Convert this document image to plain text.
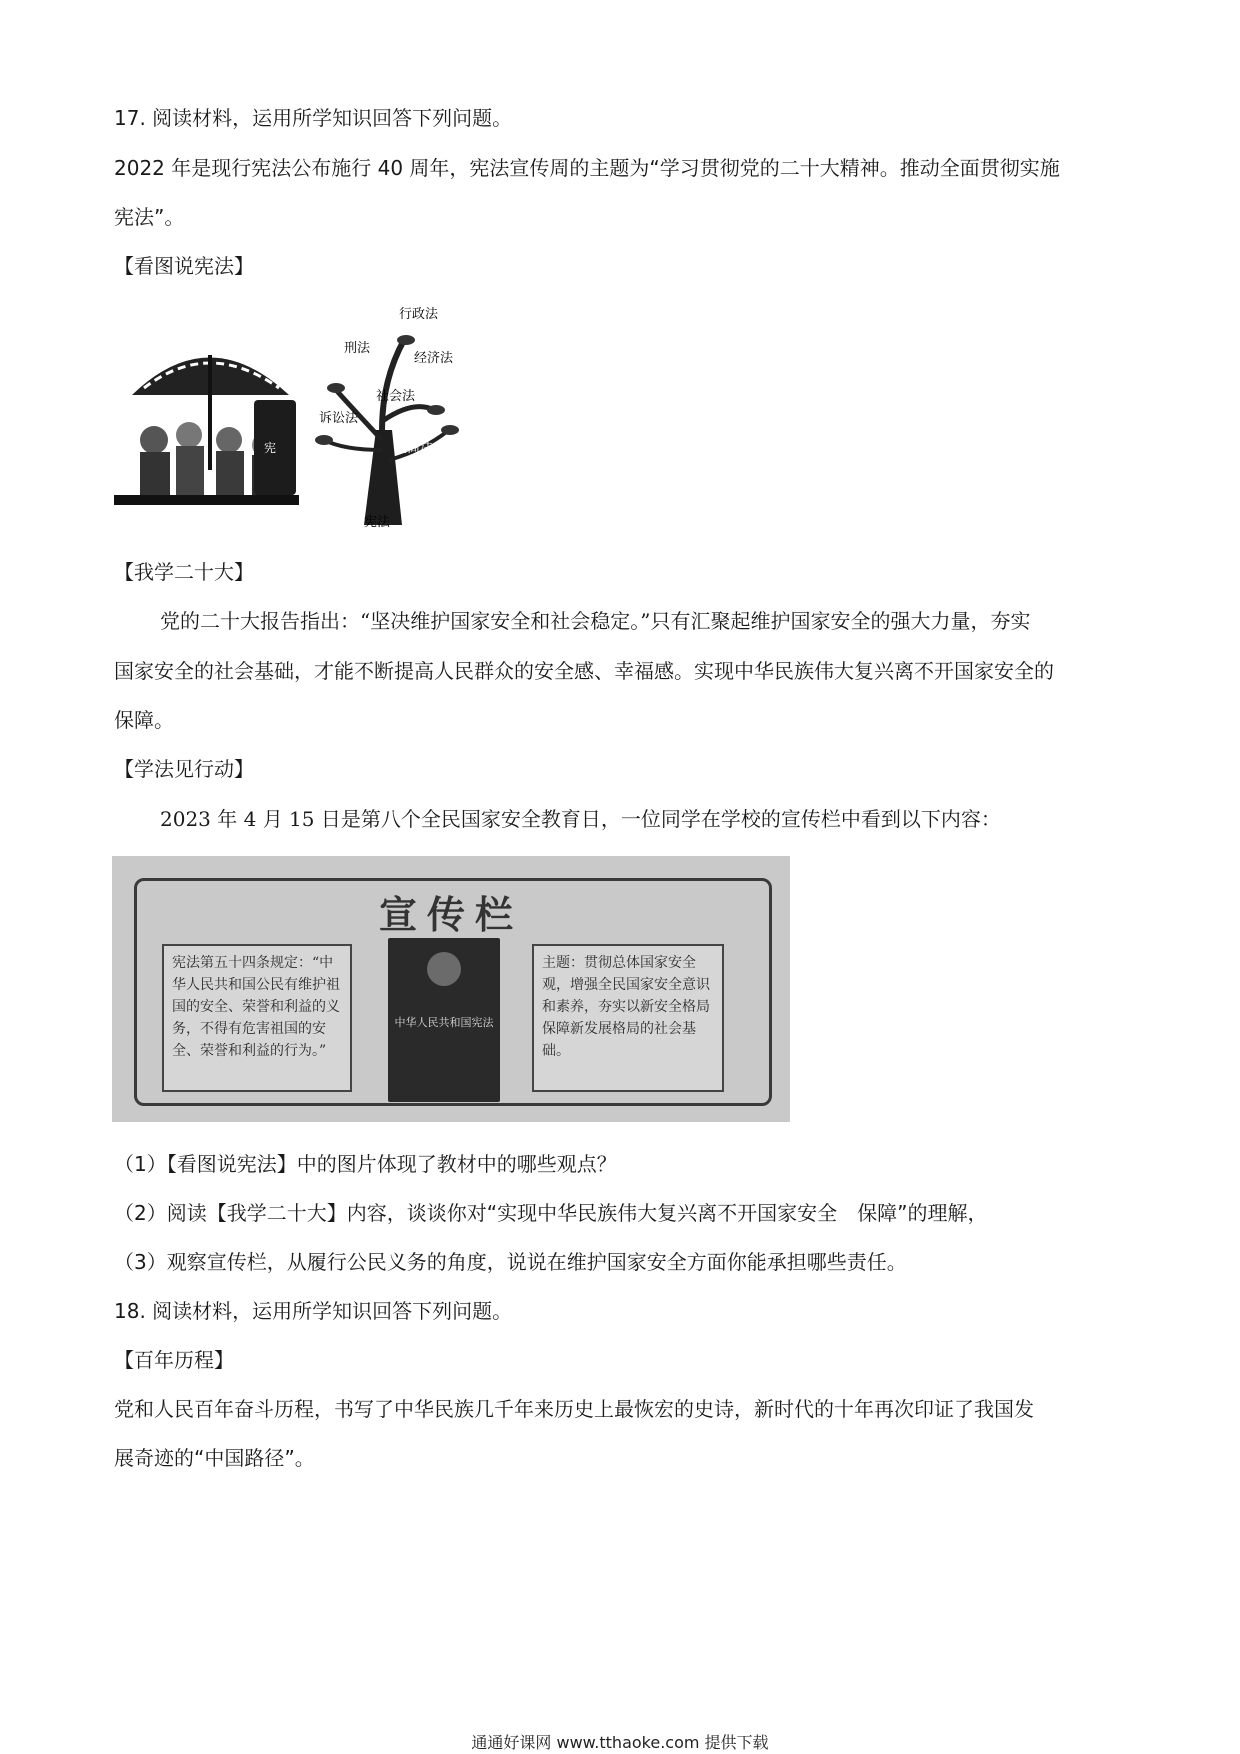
17. 阅读材料，运用所学知识回答下列问题。
2022 年是现行宪法公布施行 40 周年，宪法宣传周的主题为“学习贯彻党的二十大精神。推动全面贯彻实施
宪法”。
【看图说宪法】
宪
行政法
刑法
经济法
社会法
诉讼法
民商法
宪法
【我学二十大】
党的二十大报告指出：“坚决维护国家安全和社会稳定。”只有汇聚起维护国家安全的强大力量，夯实
国家安全的社会基础，才能不断提高人民群众的安全感、幸福感。实现中华民族伟大复兴离不开国家安全的
保障。
【学法见行动】
2023 年 4 月 15 日是第八个全民国家安全教育日，一位同学在学校的宣传栏中看到以下内容：
宣传栏
宪法第五十四条规定：“中华人民共和国公民有维护祖国的安全、荣誉和利益的义务，不得有危害祖国的安全、荣誉和利益的行为。”
中华人民共和国宪法
主题：贯彻总体国家安全观，增强全民国家安全意识和素养，夯实以新安全格局保障新发展格局的社会基础。
（1）【看图说宪法】中的图片体现了教材中的哪些观点？
（2）阅读【我学二十大】内容，谈谈你对“实现中华民族伟大复兴离不开国家安全　保障”的理解，
（3）观察宣传栏，从履行公民义务的角度，说说在维护国家安全方面你能承担哪些责任。
18. 阅读材料，运用所学知识回答下列问题。
【百年历程】
党和人民百年奋斗历程，书写了中华民族几千年来历史上最恢宏的史诗，新时代的十年再次印证了我国发
展奇迹的“中国路径”。
通通好课网 www.tthaoke.com 提供下载
